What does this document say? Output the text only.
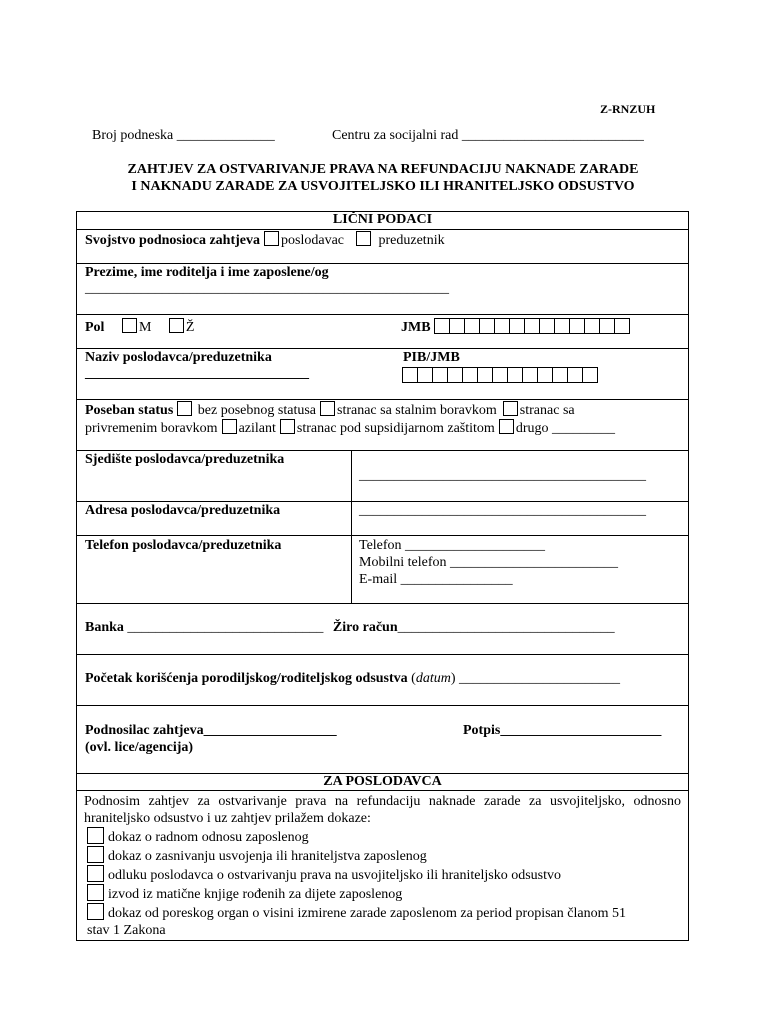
Z-RNZUH
Broj podneska ______________	Centru za socijalni rad __________________________
ZAHTJEV ZA OSTVARIVANJE PRAVA NA REFUNDACIJU NAKNADE ZARADE
I NAKNADU ZARADE ZA USVOJITELJSKO ILI HRANITELJSKO ODSUSTVO
LIČNI PODACI
Svojstvo podnosioca zahtjeva poslodavac preduzetnik
Prezime, ime roditelja i ime zaposlene/og
____________________________________________________
Pol M Ž	JMB
Naziv poslodavca/preduzetnika
________________________________
PIB/JMB
Poseban status bez posebnog statusa stranac sa stalnim boravkom stranac sa
privremenim boravkom azilant stranac pod supsidijarnom zaštitom drugo _________
Sjedište poslodavca/preduzetnika
_________________________________________
Adresa poslodavca/preduzetnika	_________________________________________
Telefon poslodavca/preduzetnika	Telefon ____________________
Mobilni telefon ________________________
E-mail ________________
Banka ____________________________ Žiro račun_______________________________
Početak korišćenja porodiljskog/roditeljskog odsustva (datum) _______________________
Podnosilac zahtjeva___________________	Potpis_______________________
(ovl. lice/agencija)
ZA POSLODAVCA
Podnosim zahtjev za ostvarivanje prava na refundaciju naknade zarade za usvojiteljsko, odnosno hraniteljsko odsustvo i uz zahtjev prilažem dokaze:
dokaz o radnom odnosu zaposlenog
dokaz o zasnivanju usvojenja ili hraniteljstva zaposlenog
odluku poslodavca o ostvarivanju prava na usvojiteljsko ili hraniteljsko odsustvo
izvod iz matične knjige rođenih za dijete zaposlenog
dokaz od poreskog organ o visini izmirene zarade zaposlenom za period propisan članom 51
stav 1 Zakona
